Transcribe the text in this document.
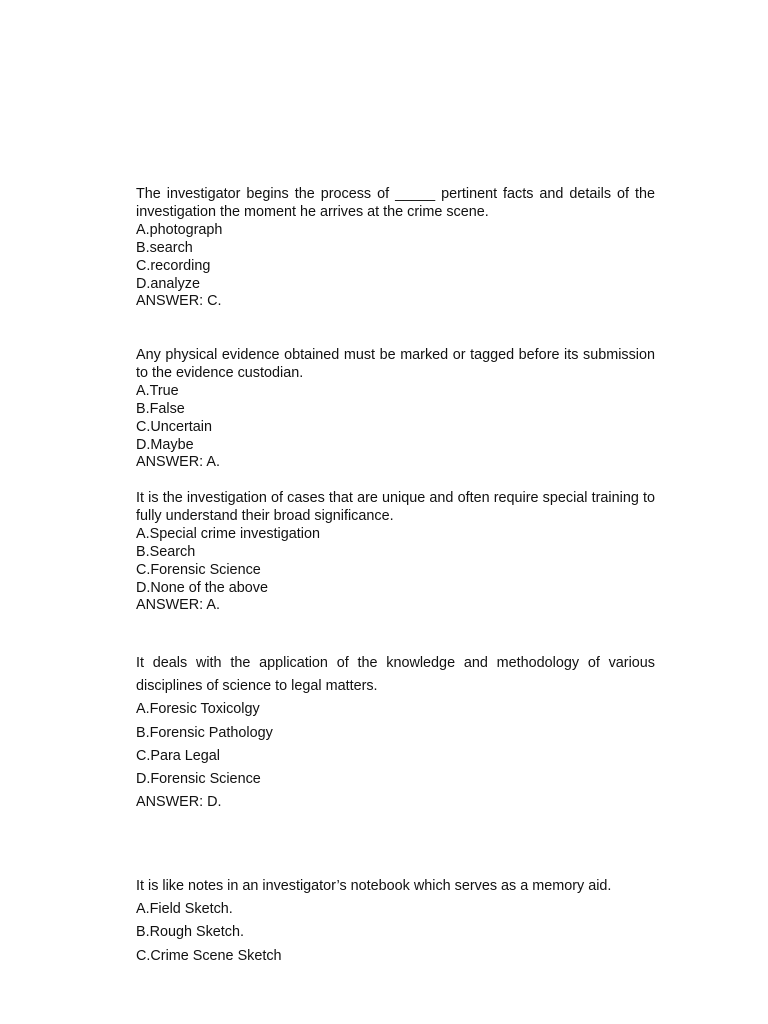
The investigator begins the process of _____ pertinent facts and details of the investigation the moment he arrives at the crime scene.

A.photograph

B.search

C.recording

D.analyze

ANSWER: C.

Any physical evidence obtained must be marked or tagged before its submission to the evidence custodian.

A.True

B.False

C.Uncertain

D.Maybe

ANSWER: A.

It is the investigation of cases that are unique and often require special training to fully understand their broad significance.

A.Special crime investigation

B.Search

C.Forensic Science

D.None of the above

ANSWER: A.

It deals with the application of the knowledge and methodology of various disciplines of science to legal matters.

A.Foresic Toxicolgy

B.Forensic Pathology

C.Para Legal

D.Forensic Science

ANSWER: D.

It is like notes in an investigator’s notebook which serves as a memory aid.

A.Field Sketch.

B.Rough Sketch.

C.Crime Scene Sketch
